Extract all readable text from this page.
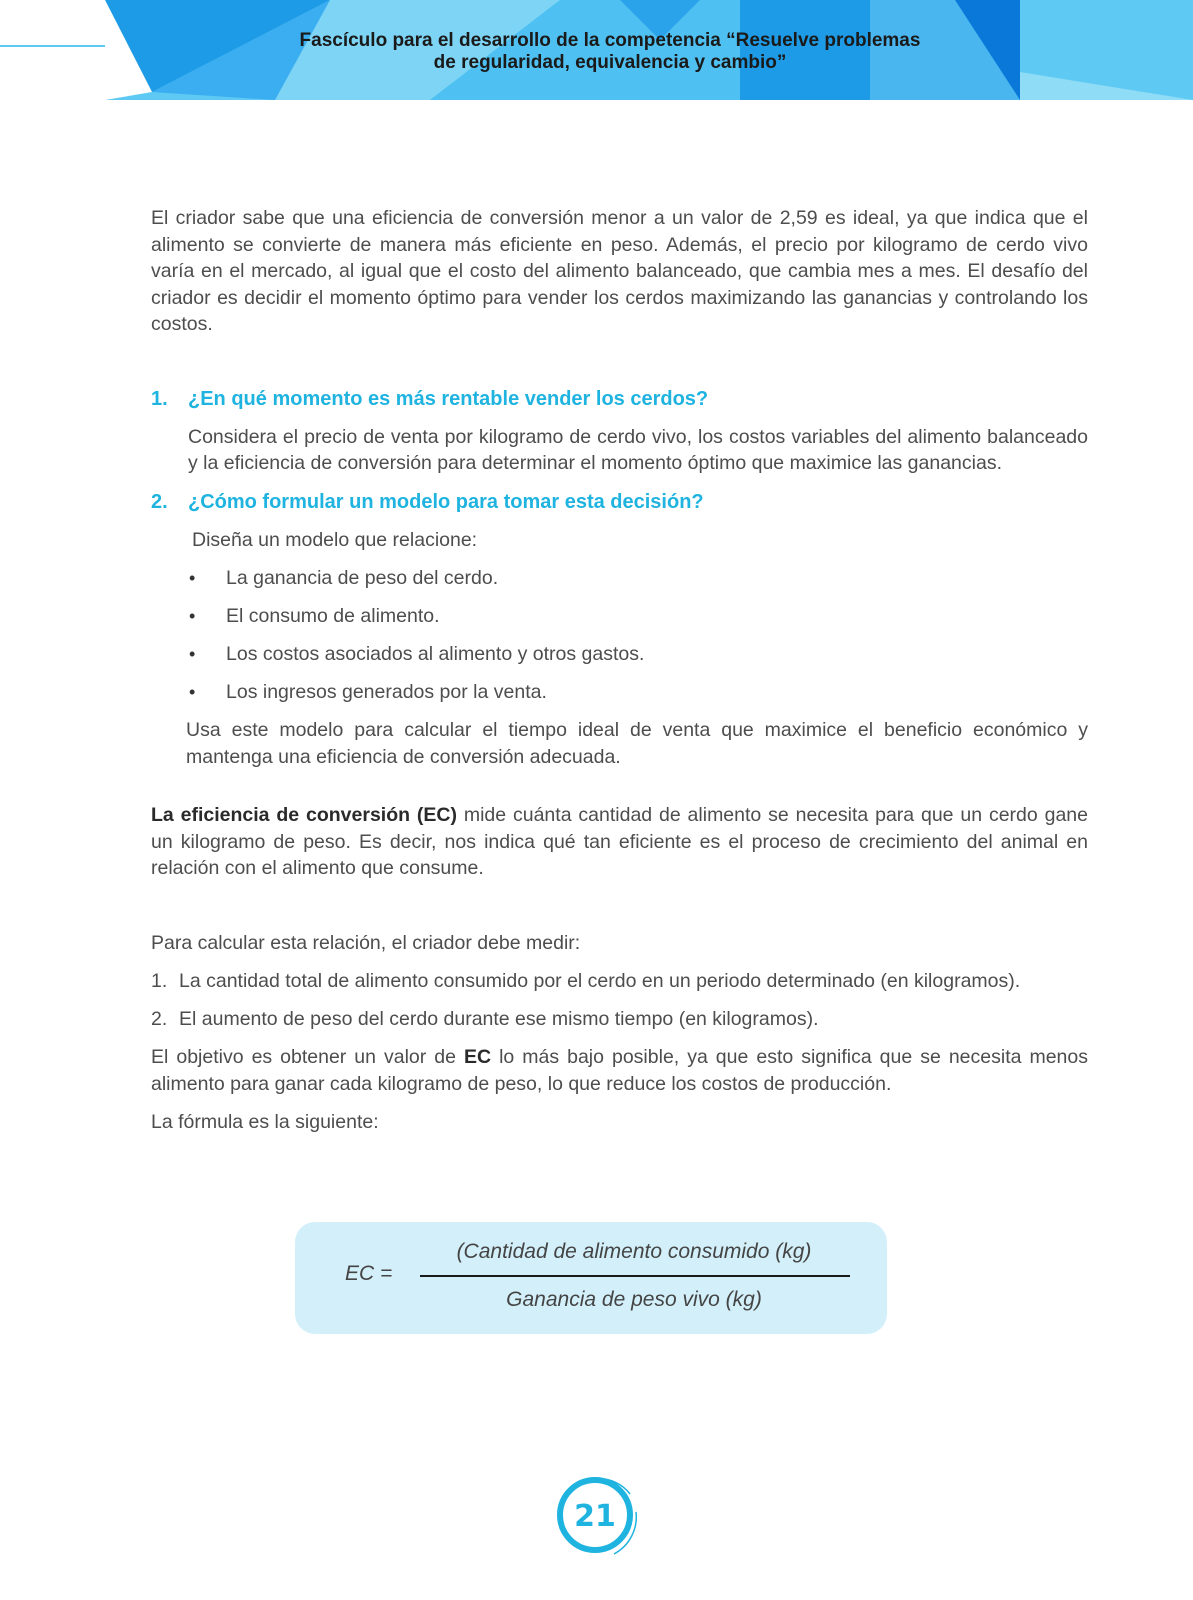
Fascículo para el desarrollo de la competencia “Resuelve problemas
de regularidad, equivalencia y cambio”

El criador sabe que una eficiencia de conversión menor a un valor de 2,59 es ideal, ya que indica que el alimento se convierte de manera más eficiente en peso. Además, el precio por kilogramo de cerdo vivo varía en el mercado, al igual que el costo del alimento balanceado, que cambia mes a mes. El desafío del criador es decidir el momento óptimo para vender los cerdos maximizando las ganancias y controlando los costos.

1.	¿En qué momento es más rentable vender los cerdos?

Considera el precio de venta por kilogramo de cerdo vivo, los costos variables del alimento balanceado y la eficiencia de conversión para determinar el momento óptimo que maximice las ganancias.

2.	¿Cómo formular un modelo para tomar esta decisión?

Diseña un modelo que relacione:

•	La ganancia de peso del cerdo.
•	El consumo de alimento.
•	Los costos asociados al alimento y otros gastos.
•	Los ingresos generados por la venta.

Usa este modelo para calcular el tiempo ideal de venta que maximice el beneficio económico y mantenga una eficiencia de conversión adecuada.

La eficiencia de conversión (EC) mide cuánta cantidad de alimento se necesita para que un cerdo gane un kilogramo de peso. Es decir, nos indica qué tan eficiente es el proceso de crecimiento del animal en relación con el alimento que consume.

Para calcular esta relación, el criador debe medir:

1. La cantidad total de alimento consumido por el cerdo en un periodo determinado (en kilogramos).
2. El aumento de peso del cerdo durante ese mismo tiempo (en kilogramos).

El objetivo es obtener un valor de EC lo más bajo posible, ya que esto significa que se necesita menos alimento para ganar cada kilogramo de peso, lo que reduce los costos de producción.

La fórmula es la siguiente:

EC =
(Cantidad de alimento consumido (kg)
Ganancia de peso vivo (kg)
21
